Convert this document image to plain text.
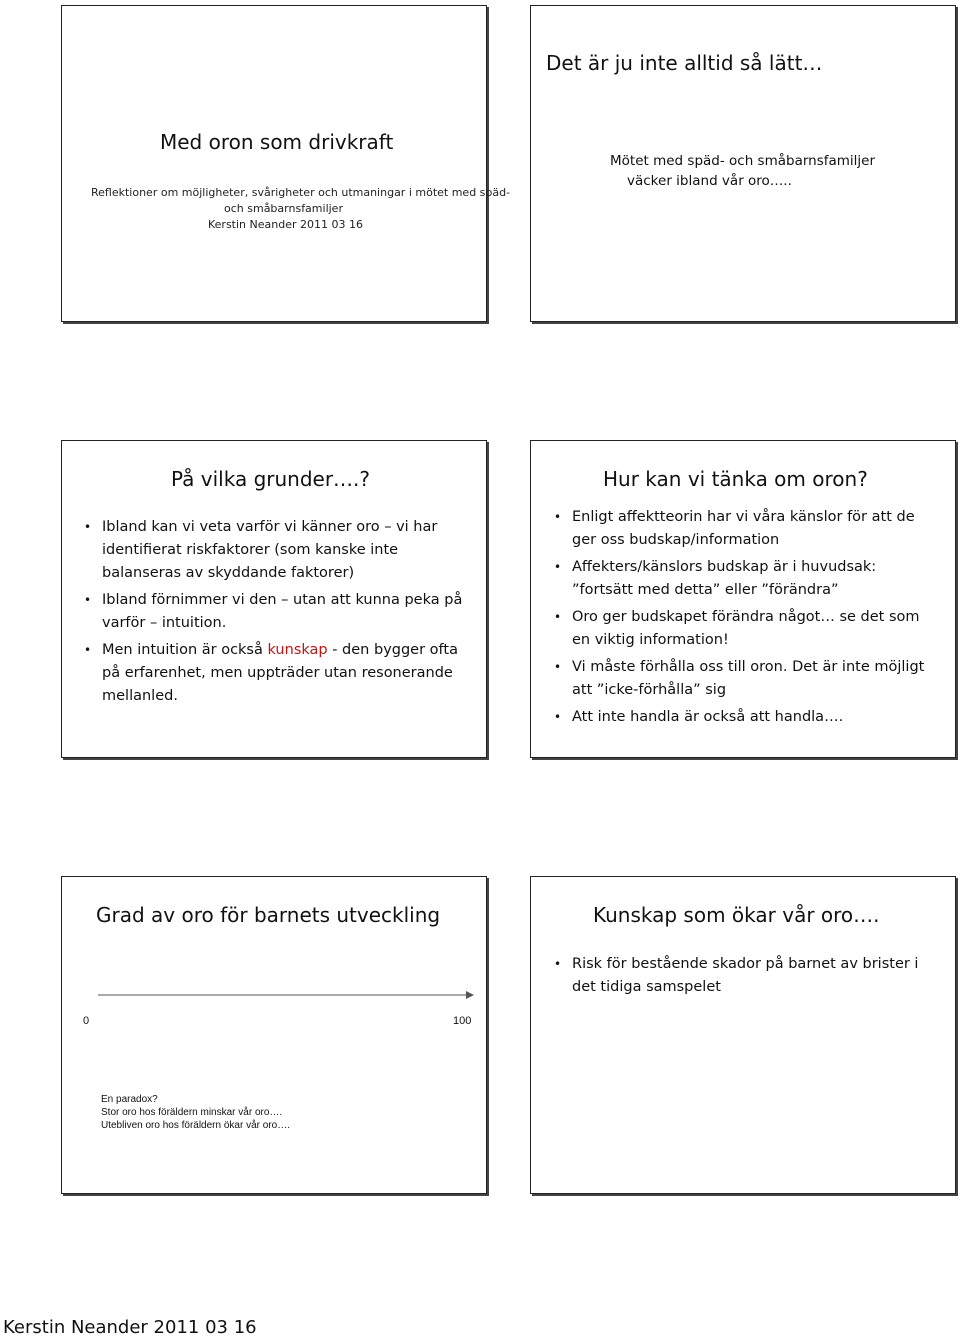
Med oron som drivkraft
Reflektioner om möjligheter, svårigheter och utmaningar i mötet med späd-
och småbarnsfamiljer
Kerstin Neander 2011 03 16
Det är ju inte alltid så lätt…
Mötet med späd- och småbarnsfamiljer
väcker ibland vår oro…..
På vilka grunder….?
• Ibland kan vi veta varför vi känner oro – vi har identifierat riskfaktorer (som kanske inte balanseras av skyddande faktorer)
• Ibland förnimmer vi den – utan att kunna peka på varför – intuition.
• Men intuition är också kunskap - den bygger ofta på erfarenhet, men uppträder utan resonerande mellanled.
Hur kan vi tänka om oron?
• Enligt affektteorin har vi våra känslor för att de ger oss budskap/information
• Affekters/känslors budskap är i huvudsak: ”fortsätt med detta” eller ”förändra”
• Oro ger budskapet förändra något… se det som en viktig information!
• Vi måste förhålla oss till oron. Det är inte möjligt att ”icke-förhålla” sig
• Att inte handla är också att handla….
Grad av oro för barnets utveckling
0	100
En paradox?
Stor oro hos föräldern minskar vår oro….
Utebliven oro hos föräldern ökar vår oro….
Kunskap som ökar vår oro….
• Risk för bestående skador på barnet av brister i det tidiga samspelet
Kerstin Neander 2011 03 16
